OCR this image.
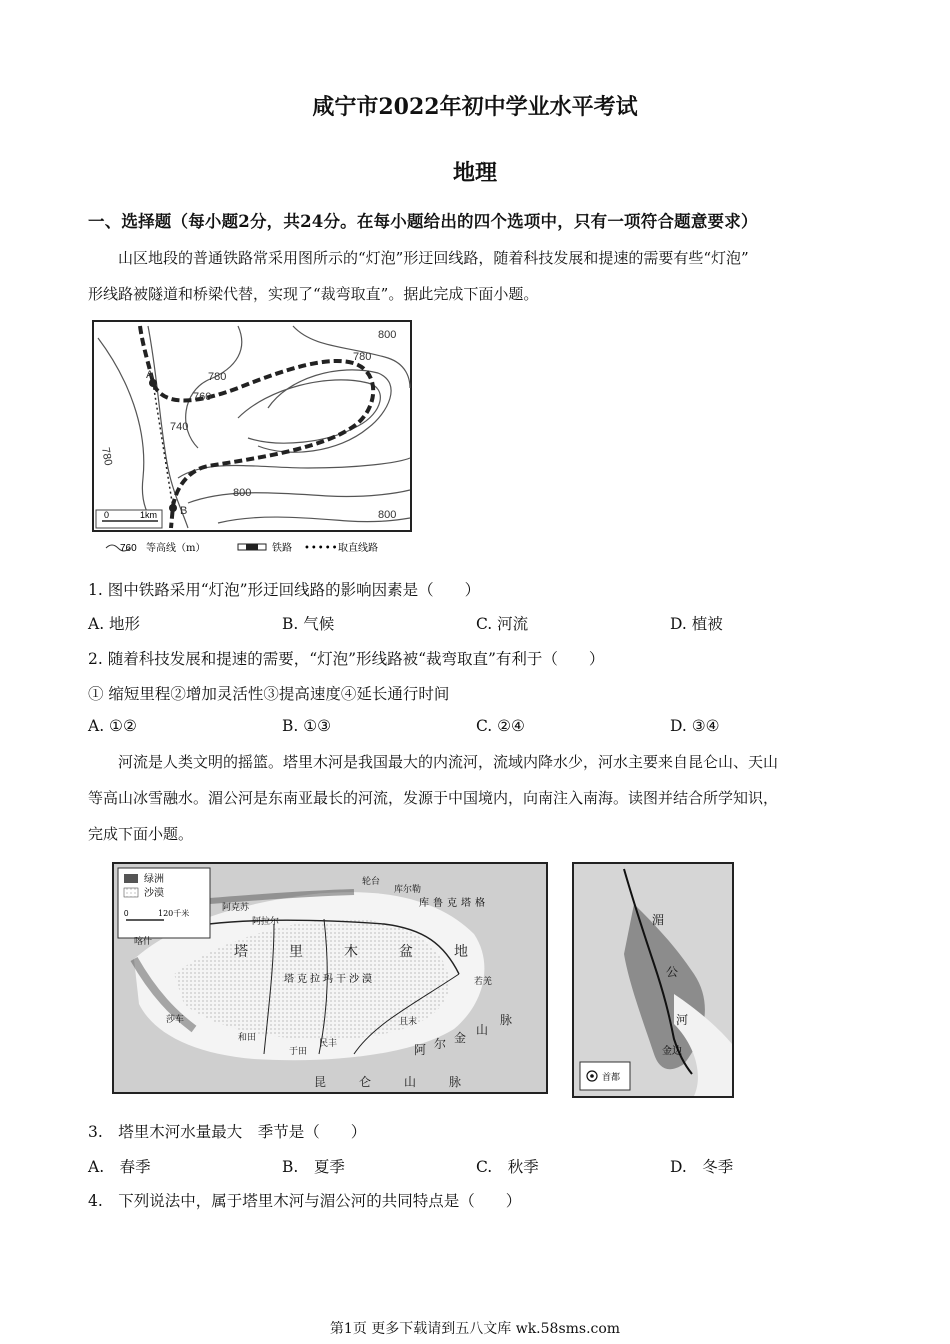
咸宁市2022年初中学业水平考试
地理
一、选择题（每小题2分，共24分。在每小题给出的四个选项中，只有一项符合题意要求）
山区地段的普通铁路常采用图所示的“灯泡”形迂回线路，随着科技发展和提速的需要有些“灯泡”
形线路被隧道和桥梁代替，实现了“裁弯取直”。据此完成下面小题。
A
B
800
780
780
760
740
780
800
800
0	1km
760 等高线（m）	铁路 ••••• 取直线路
1. 图中铁路采用“灯泡”形迂回线路的影响因素是（　　）
A. 地形	B. 气候	C. 河流	D. 植被
2. 随着科技发展和提速的需要，“灯泡”形线路被“裁弯取直”有利于（　　）
① 缩短里程②增加灵活性③提高速度④延长通行时间
A. ①②	B. ①③	C. ②④	D. ③④
河流是人类文明的摇篮。塔里木河是我国最大的内流河，流域内降水少，河水主要来自昆仑山、天山
等高山冰雪融水。湄公河是东南亚最长的河流，发源于中国境内，向南注入南海。读图并结合所学知识，
完成下面小题。
绿洲
沙漠
0	120千米
塔	里	木	盆	地
塔克拉玛干沙漠
昆	仑	山	脉
阿 尔 金
山
脉
库鲁克塔格
轮台
库尔勒
阿克苏
阿拉尔
喀什
莎车
和田
于田
民丰
且末
若羌
湄
公
河
金边
首都
3.　塔里木河水量最大　季节是（　　）
A.　春季	B.　夏季	C.　秋季	D.　冬季
4.　下列说法中，属于塔里木河与湄公河的共同特点是（　　）
第1页 更多下载请到五八文库 wk.58sms.com
